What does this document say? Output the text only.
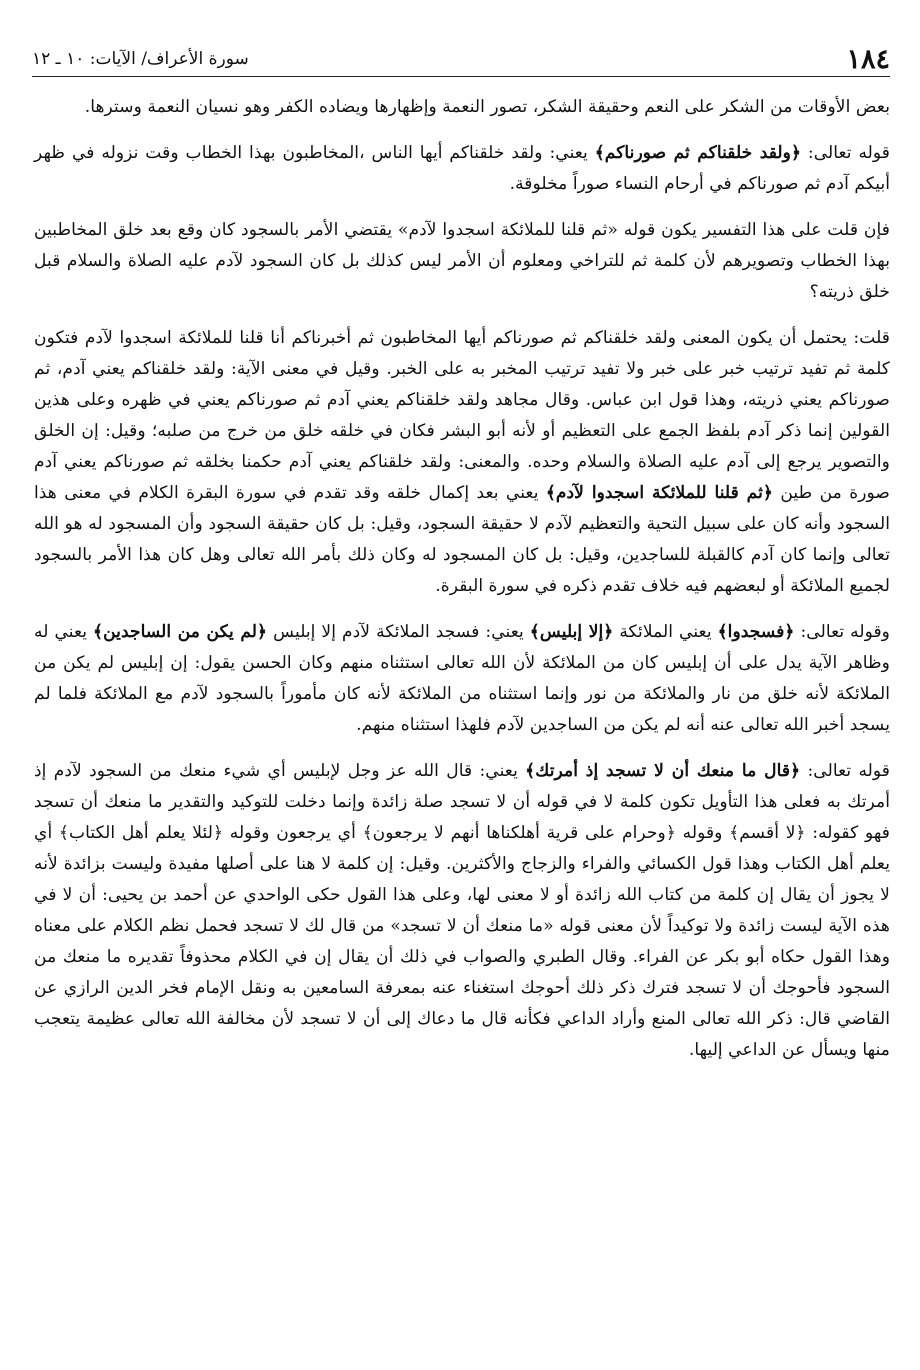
١٨٤
سورة الأعراف/ الآيات: ١٠ ـ ١٢

بعض الأوقات من الشكر على النعم وحقيقة الشكر، تصور النعمة وإظهارها ويضاده الكفر وهو نسيان النعمة وسترها.

قوله تعالى: ﴿ولقد خلقناكم ثم صورناكم﴾ يعني: ولقد خلقناكم أيها الناس ،المخاطبون بهذا الخطاب وقت نزوله في ظهر أبيكم آدم ثم صورناكم في أرحام النساء صوراً مخلوقة.

فإن قلت على هذا التفسير يكون قوله «ثم قلنا للملائكة اسجدوا لآدم» يقتضي الأمر بالسجود كان وقع بعد خلق المخاطبين بهذا الخطاب وتصويرهم لأن كلمة ثم للتراخي ومعلوم أن الأمر ليس كذلك بل كان السجود لآدم عليه الصلاة والسلام قبل خلق ذريته؟

قلت: يحتمل أن يكون المعنى ولقد خلقناكم ثم صورناكم أيها المخاطبون ثم أخبرناكم أنا قلنا للملائكة اسجدوا لآدم فتكون كلمة ثم تفيد ترتيب خبر على خبر ولا تفيد ترتيب المخبر به على الخبر. وقيل في معنى الآية: ولقد خلقناكم يعني آدم، ثم صورناكم يعني ذريته، وهذا قول ابن عباس. وقال مجاهد ولقد خلقناكم يعني آدم ثم صورناكم يعني في ظهره وعلى هذين القولين إنما ذكر آدم بلفظ الجمع على التعظيم أو لأنه أبو البشر فكان في خلقه خلق من خرج من صلبه؛ وقيل: إن الخلق والتصوير يرجع إلى آدم عليه الصلاة والسلام وحده. والمعنى: ولقد خلقناكم يعني آدم حكمنا بخلقه ثم صورناكم يعني آدم صورة من طين ﴿ثم قلنا للملائكة اسجدوا لآدم﴾ يعني بعد إكمال خلقه وقد تقدم في سورة البقرة الكلام في معنى هذا السجود وأنه كان على سبيل التحية والتعظيم لآدم لا حقيقة السجود، وقيل: بل كان حقيقة السجود وأن المسجود له هو الله تعالى وإنما كان آدم كالقبلة للساجدين، وقيل: بل كان المسجود له وكان ذلك بأمر الله تعالى وهل كان هذا الأمر بالسجود لجميع الملائكة أو لبعضهم فيه خلاف تقدم ذكره في سورة البقرة.

وقوله تعالى: ﴿فسجدوا﴾ يعني الملائكة ﴿إلا إبليس﴾ يعني: فسجد الملائكة لآدم إلا إبليس ﴿لم يكن من الساجدين﴾ يعني له وظاهر الآية يدل على أن إبليس كان من الملائكة لأن الله تعالى استثناه منهم وكان الحسن يقول: إن إبليس لم يكن من الملائكة لأنه خلق من نار والملائكة من نور وإنما استثناه من الملائكة لأنه كان مأموراً بالسجود لآدم مع الملائكة فلما لم يسجد أخبر الله تعالى عنه أنه لم يكن من الساجدين لآدم فلهذا استثناه منهم.

قوله تعالى: ﴿قال ما منعك أن لا تسجد إذ أمرتك﴾ يعني: قال الله عز وجل لإبليس أي شيء منعك من السجود لآدم إذ أمرتك به فعلى هذا التأويل تكون كلمة لا في قوله أن لا تسجد صلة زائدة وإنما دخلت للتوكيد والتقدير ما منعك أن تسجد فهو كقوله: ﴿لا أقسم﴾ وقوله ﴿وحرام على قرية أهلكناها أنهم لا يرجعون﴾ أي يرجعون وقوله ﴿لئلا يعلم أهل الكتاب﴾ أي يعلم أهل الكتاب وهذا قول الكسائي والفراء والزجاج والأكثرين. وقيل: إن كلمة لا هنا على أصلها مفيدة وليست بزائدة لأنه لا يجوز أن يقال إن كلمة من كتاب الله زائدة أو لا معنى لها، وعلى هذا القول حكى الواحدي عن أحمد بن يحيى: أن لا في هذه الآية ليست زائدة ولا توكيداً لأن معنى قوله «ما منعك أن لا تسجد» من قال لك لا تسجد فحمل نظم الكلام على معناه وهذا القول حكاه أبو بكر عن الفراء. وقال الطبري والصواب في ذلك أن يقال إن في الكلام محذوفاً تقديره ما منعك من السجود فأحوجك أن لا تسجد فترك ذكر ذلك أحوجك استغناء عنه بمعرفة السامعين به ونقل الإمام فخر الدين الرازي عن القاضي قال: ذكر الله تعالى المنع وأراد الداعي فكأنه قال ما دعاك إلى أن لا تسجد لأن مخالفة الله تعالى عظيمة يتعجب منها ويسأل عن الداعي إليها.
